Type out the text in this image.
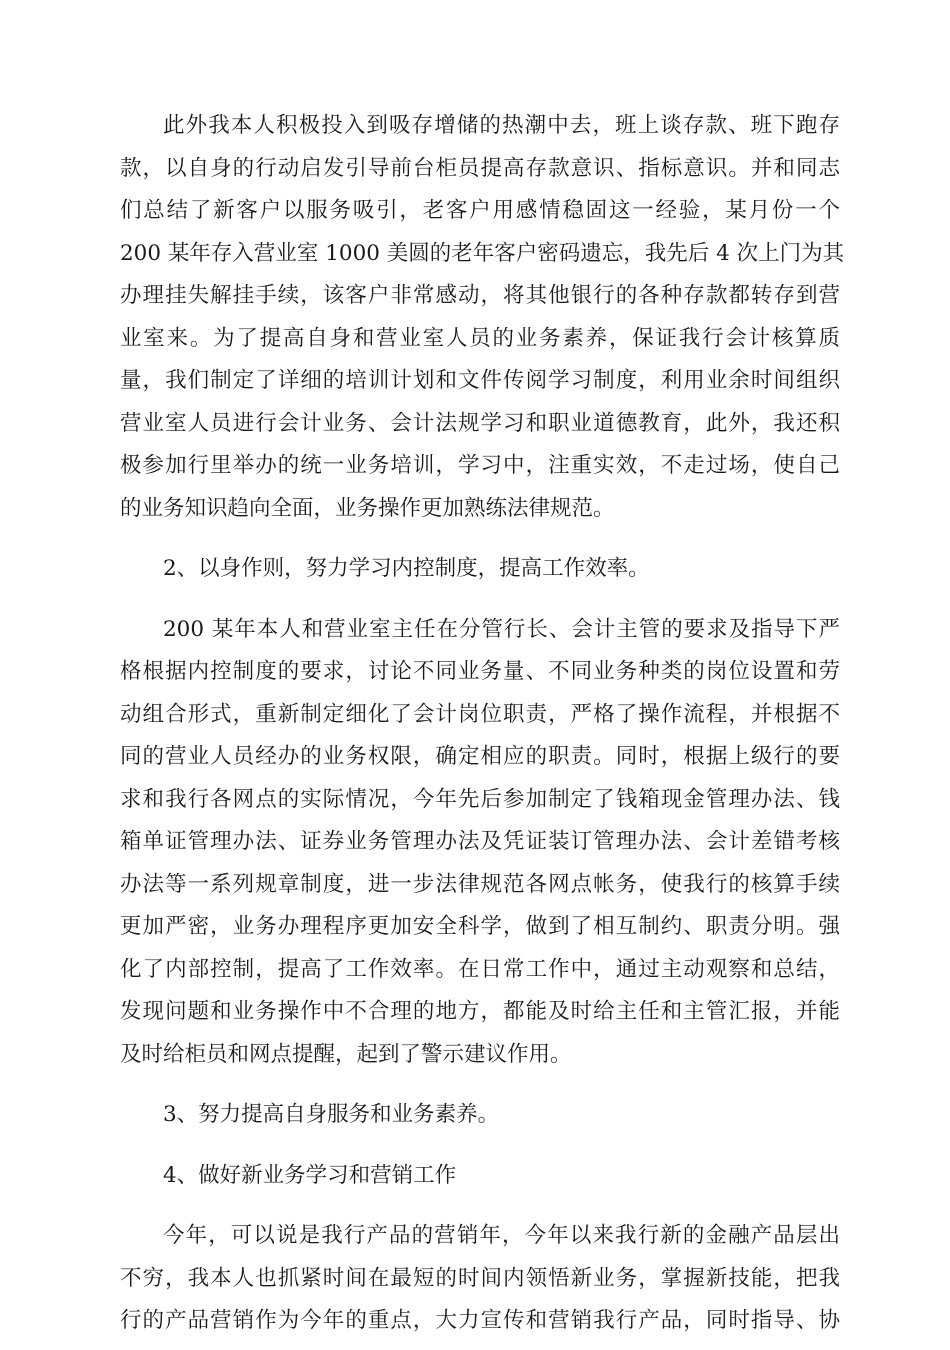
此外我本人积极投入到吸存增储的热潮中去，班上谈存款、班下跑存
款，以自身的行动启发引导前台柜员提高存款意识、指标意识。并和同志
们总结了新客户以服务吸引，老客户用感情稳固这一经验，某月份一个
200 某年存入营业室 1000 美圆的老年客户密码遗忘，我先后 4 次上门为其
办理挂失解挂手续，该客户非常感动，将其他银行的各种存款都转存到营
业室来。为了提高自身和营业室人员的业务素养，保证我行会计核算质
量，我们制定了详细的培训计划和文件传阅学习制度，利用业余时间组织
营业室人员进行会计业务、会计法规学习和职业道德教育，此外，我还积
极参加行里举办的统一业务培训，学习中，注重实效，不走过场，使自己
的业务知识趋向全面，业务操作更加熟练法律规范。
2、以身作则，努力学习内控制度，提高工作效率。
200 某年本人和营业室主任在分管行长、会计主管的要求及指导下严
格根据内控制度的要求，讨论不同业务量、不同业务种类的岗位设置和劳
动组合形式，重新制定细化了会计岗位职责，严格了操作流程，并根据不
同的营业人员经办的业务权限，确定相应的职责。同时，根据上级行的要
求和我行各网点的实际情况，今年先后参加制定了钱箱现金管理办法、钱
箱单证管理办法、证券业务管理办法及凭证装订管理办法、会计差错考核
办法等一系列规章制度，进一步法律规范各网点帐务，使我行的核算手续
更加严密，业务办理程序更加安全科学，做到了相互制约、职责分明。强
化了内部控制，提高了工作效率。在日常工作中，通过主动观察和总结，
发现问题和业务操作中不合理的地方，都能及时给主任和主管汇报，并能
及时给柜员和网点提醒，起到了警示建议作用。
3、努力提高自身服务和业务素养。
4、做好新业务学习和营销工作
今年，可以说是我行产品的营销年，今年以来我行新的金融产品层出
不穷，我本人也抓紧时间在最短的时间内领悟新业务，掌握新技能，把我
行的产品营销作为今年的重点，大力宣传和营销我行产品，同时指导、协
